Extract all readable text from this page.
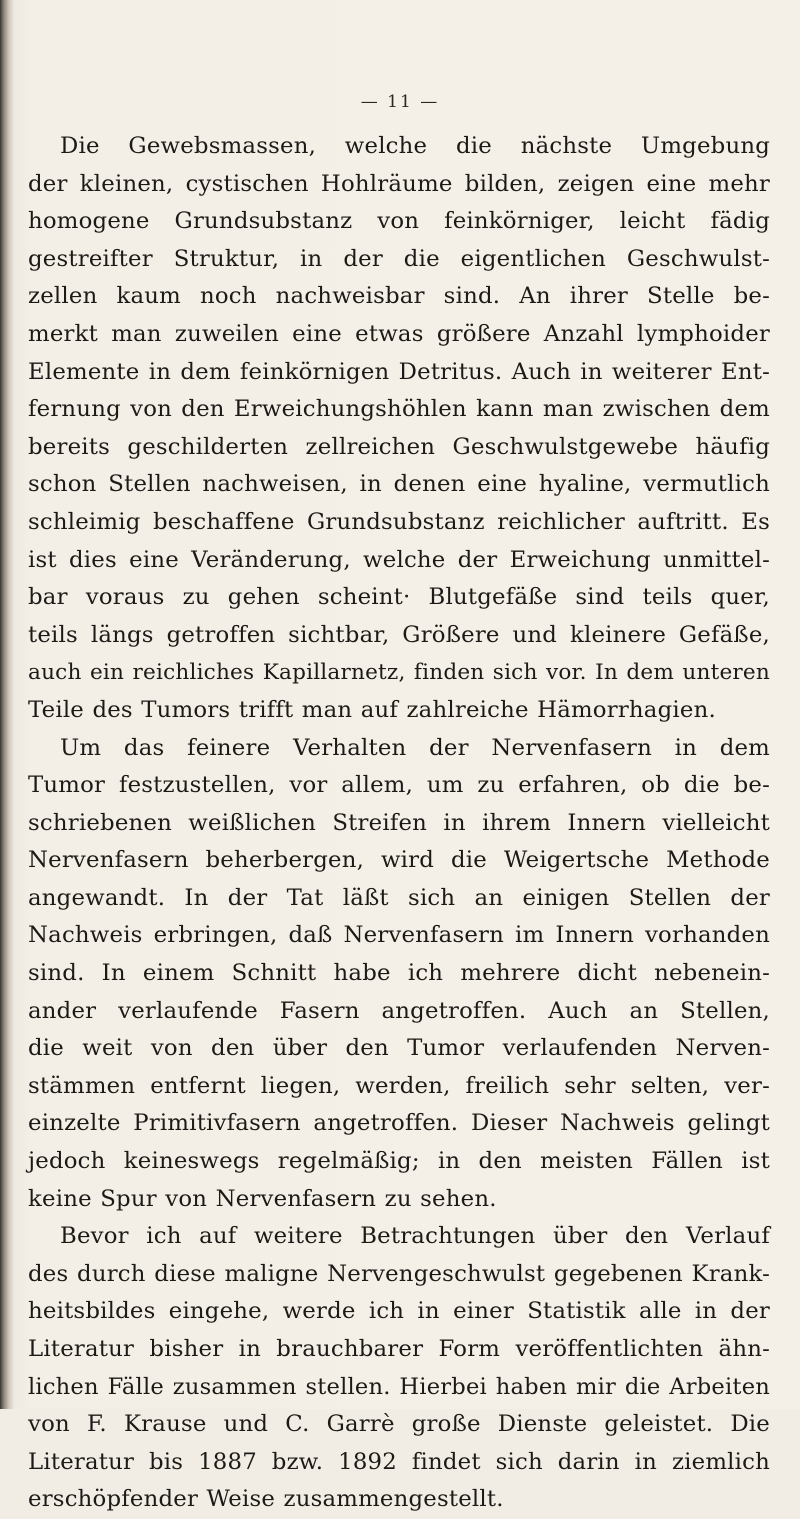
— 11 —
Die Gewebsmassen, welche die nächste Umgebung
der kleinen, cystischen Hohlräume bilden, zeigen eine mehr
homogene Grundsubstanz von feinkörniger, leicht fädig
gestreifter Struktur, in der die eigentlichen Geschwulst-
zellen kaum noch nachweisbar sind. An ihrer Stelle be-
merkt man zuweilen eine etwas größere Anzahl lymphoider
Elemente in dem feinkörnigen Detritus. Auch in weiterer Ent-
fernung von den Erweichungshöhlen kann man zwischen dem
bereits geschilderten zellreichen Geschwulstgewebe häufig
schon Stellen nachweisen, in denen eine hyaline, vermutlich
schleimig beschaffene Grundsubstanz reichlicher auftritt. Es
ist dies eine Veränderung, welche der Erweichung unmittel-
bar voraus zu gehen scheint· Blutgefäße sind teils quer,
teils längs getroffen sichtbar, Größere und kleinere Gefäße,
auch ein reichliches Kapillarnetz, finden sich vor. In dem unteren
Teile des Tumors trifft man auf zahlreiche Hämorrhagien.
Um das feinere Verhalten der Nervenfasern in dem
Tumor festzustellen, vor allem, um zu erfahren, ob die be-
schriebenen weißlichen Streifen in ihrem Innern vielleicht
Nervenfasern beherbergen, wird die Weigertsche Methode
angewandt. In der Tat läßt sich an einigen Stellen der
Nachweis erbringen, daß Nervenfasern im Innern vorhanden
sind. In einem Schnitt habe ich mehrere dicht nebenein-
ander verlaufende Fasern angetroffen. Auch an Stellen,
die weit von den über den Tumor verlaufenden Nerven-
stämmen entfernt liegen, werden, freilich sehr selten, ver-
einzelte Primitivfasern angetroffen. Dieser Nachweis gelingt
jedoch keineswegs regelmäßig; in den meisten Fällen ist
keine Spur von Nervenfasern zu sehen.
Bevor ich auf weitere Betrachtungen über den Verlauf
des durch diese maligne Nervengeschwulst gegebenen Krank-
heitsbildes eingehe, werde ich in einer Statistik alle in der
Literatur bisher in brauchbarer Form veröffentlichten ähn-
lichen Fälle zusammen stellen. Hierbei haben mir die Arbeiten
von F. Krause und C. Garrè große Dienste geleistet. Die
Literatur bis 1887 bzw. 1892 findet sich darin in ziemlich
erschöpfender Weise zusammengestellt.
